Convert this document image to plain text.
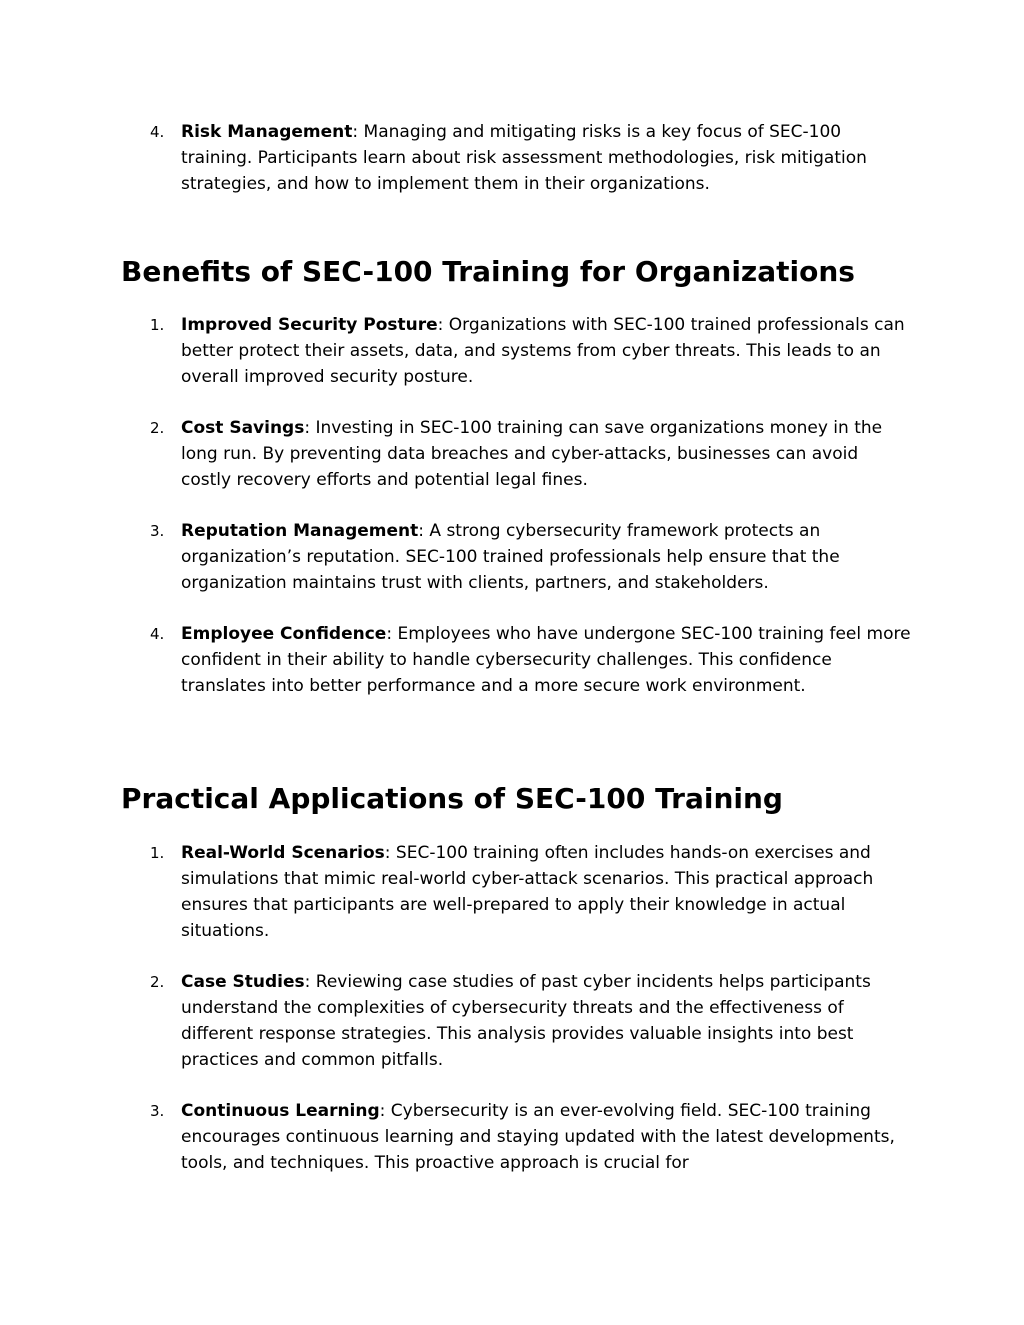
4. Risk Management: Managing and mitigating risks is a key focus of SEC-100 training. Participants learn about risk assessment methodologies, risk mitigation strategies, and how to implement them in their organizations.
Benefits of SEC-100 Training for Organizations
1. Improved Security Posture: Organizations with SEC-100 trained professionals can better protect their assets, data, and systems from cyber threats. This leads to an overall improved security posture.
2. Cost Savings: Investing in SEC-100 training can save organizations money in the long run. By preventing data breaches and cyber-attacks, businesses can avoid costly recovery efforts and potential legal fines.
3. Reputation Management: A strong cybersecurity framework protects an organization’s reputation. SEC-100 trained professionals help ensure that the organization maintains trust with clients, partners, and stakeholders.
4. Employee Confidence: Employees who have undergone SEC-100 training feel more confident in their ability to handle cybersecurity challenges. This confidence translates into better performance and a more secure work environment.
Practical Applications of SEC-100 Training
1. Real-World Scenarios: SEC-100 training often includes hands-on exercises and simulations that mimic real-world cyber-attack scenarios. This practical approach ensures that participants are well-prepared to apply their knowledge in actual situations.
2. Case Studies: Reviewing case studies of past cyber incidents helps participants understand the complexities of cybersecurity threats and the effectiveness of different response strategies. This analysis provides valuable insights into best practices and common pitfalls.
3. Continuous Learning: Cybersecurity is an ever-evolving field. SEC-100 training encourages continuous learning and staying updated with the latest developments, tools, and techniques. This proactive approach is crucial for
